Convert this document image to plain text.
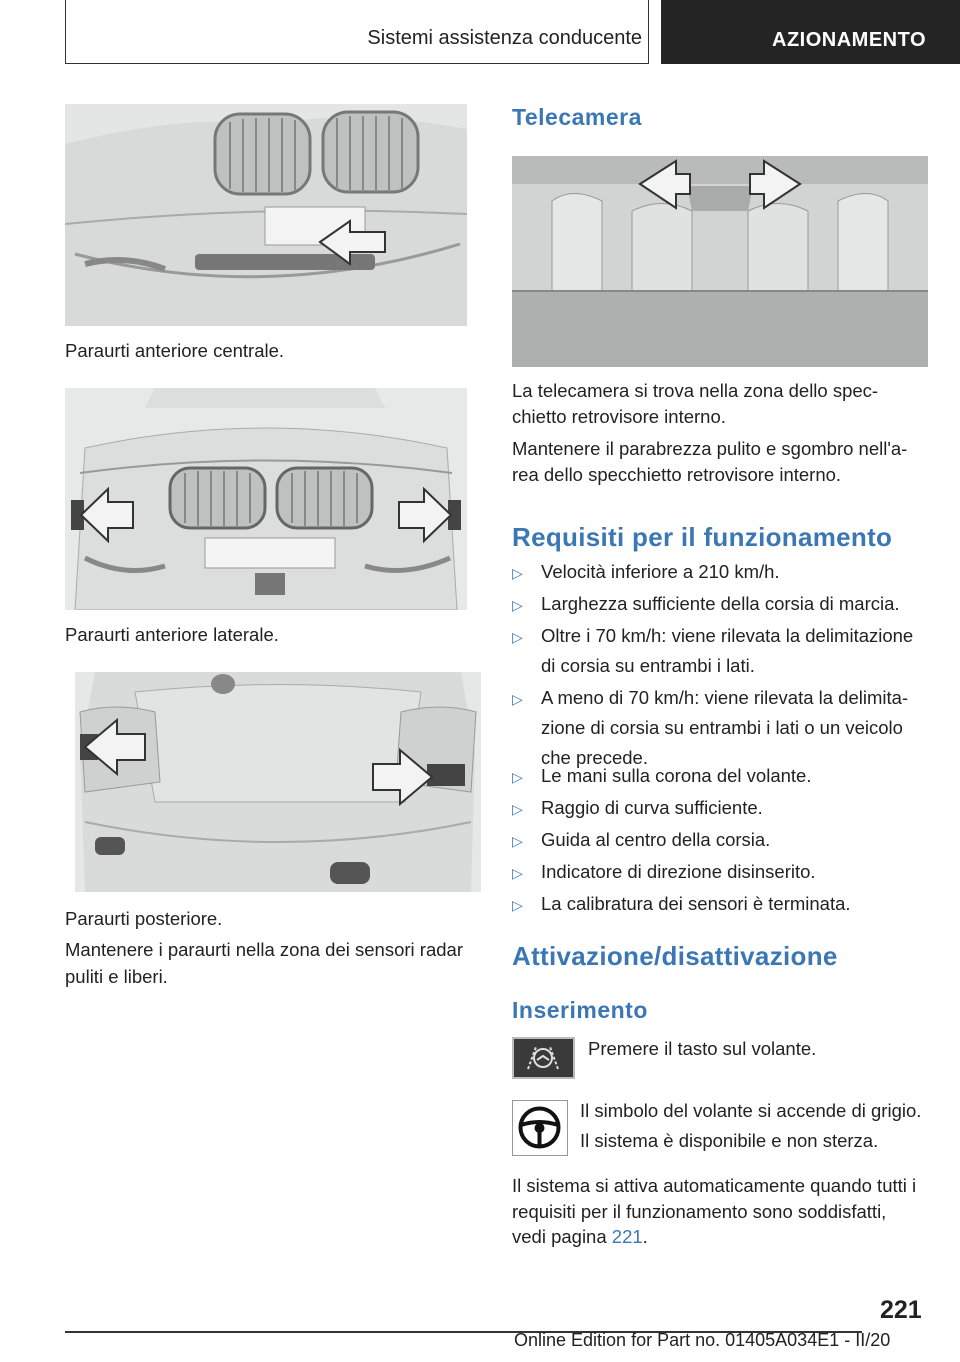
Sistemi assistenza conducente	AZIONAMENTO
Paraurti anteriore centrale.
Paraurti anteriore laterale.
Paraurti posteriore.
Mantenere i paraurti nella zona dei sensori radar
puliti e liberi.
Telecamera
La telecamera si trova nella zona dello spec-
chietto retrovisore interno.
Mantenere il parabrezza pulito e sgombro nell'a-
rea dello specchietto retrovisore interno.
Requisiti per il funzionamento
▷ Velocità inferiore a 210 km/h.
▷ Larghezza sufficiente della corsia di marcia.
▷ Oltre i 70 km/h: viene rilevata la delimitazione
di corsia su entrambi i lati.
▷ A meno di 70 km/h: viene rilevata la delimita-
zione di corsia su entrambi i lati o un veicolo
che precede.
▷ Le mani sulla corona del volante.
▷ Raggio di curva sufficiente.
▷ Guida al centro della corsia.
▷ Indicatore di direzione disinserito.
▷ La calibratura dei sensori è terminata.
Attivazione/disattivazione
Inserimento
Premere il tasto sul volante.
Il simbolo del volante si accende di grigio.
Il sistema è disponibile e non sterza.
Il sistema si attiva automaticamente quando tutti i
requisiti per il funzionamento sono soddisfatti,
vedi pagina 221.
221
Online Edition for Part no. 01405A034E1 - II/20
